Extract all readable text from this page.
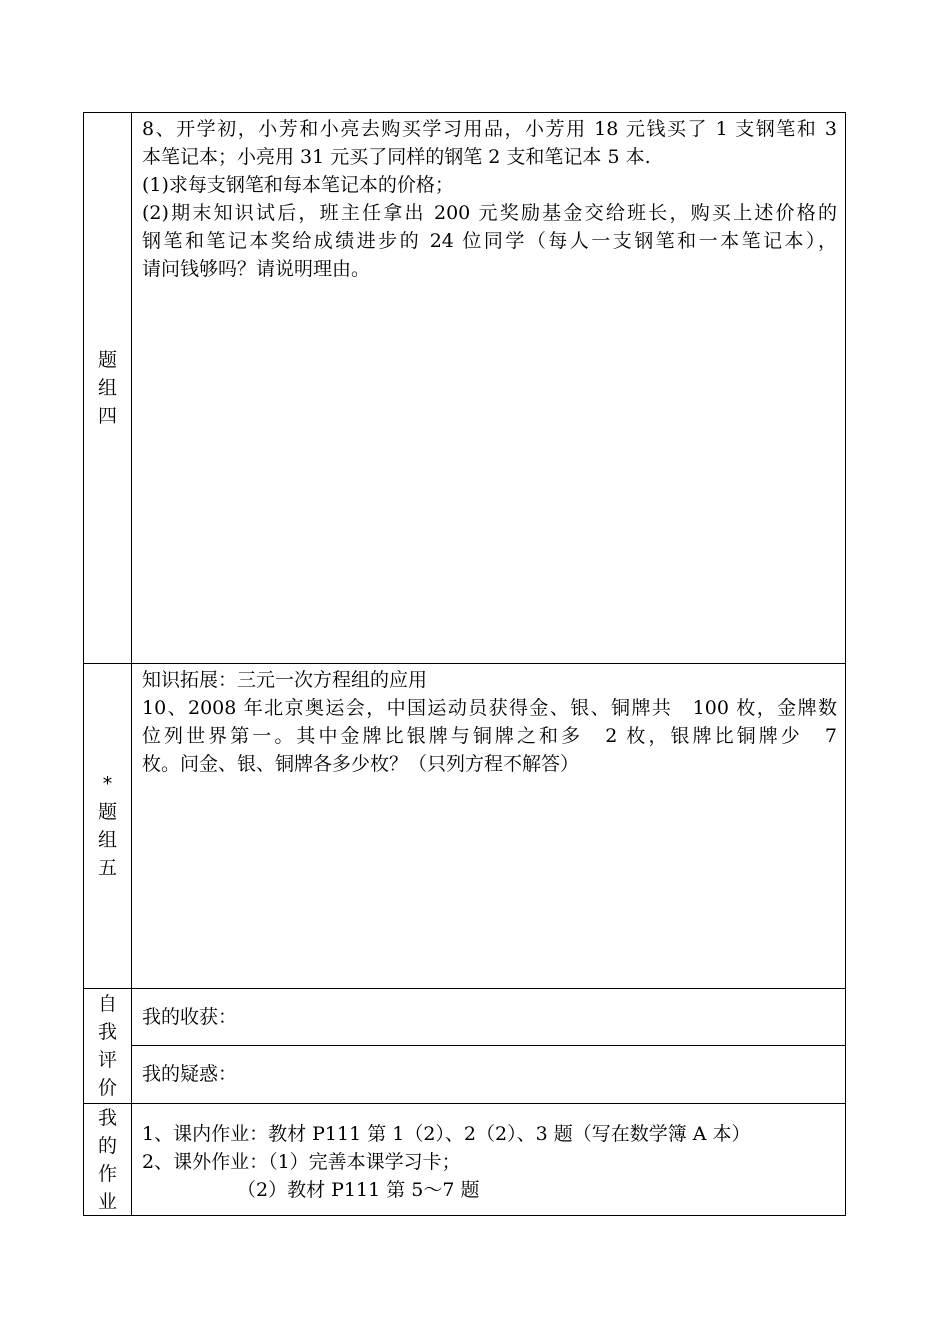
题
组
四

8、开学初，小芳和小亮去购买学习用品，小芳用 18 元钱买了 1 支钢笔和 3

本笔记本；小亮用 31 元买了同样的钢笔 2 支和笔记本 5 本.

(1)求每支钢笔和每本笔记本的价格；

(2)期末知识试后，班主任拿出 200 元奖励基金交给班长，购买上述价格的

钢笔和笔记本奖给成绩进步的 24 位同学（每人一支钢笔和一本笔记本），

请问钱够吗？请说明理由。

*
题
组
五

知识拓展：三元一次方程组的应用

10、2008 年北京奥运会，中国运动员获得金、银、铜牌共　100 枚，金牌数

位列世界第一。其中金牌比银牌与铜牌之和多　2 枚，银牌比铜牌少　7

枚。问金、银、铜牌各多少枚？（只列方程不解答）

自
我
评
价

我的收获：

我的疑惑：

我
的
作
业

1、课内作业：教材 P111 第 1（2）、2（2）、3 题（写在数学簿 A 本）

2、课外作业：（1）完善本课学习卡；

（2）教材 P111 第 5～7 题
